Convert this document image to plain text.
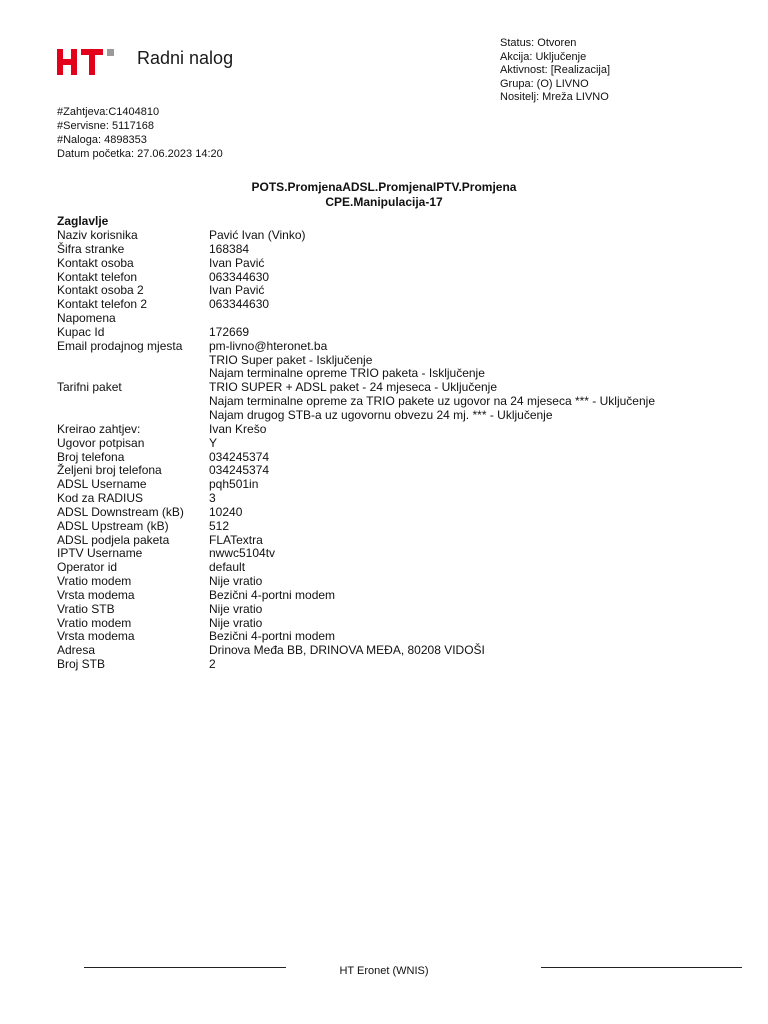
Radni nalog
Status: Otvoren
Akcija: Uključenje
Aktivnost: [Realizacija]
Grupa: (O) LIVNO
Nositelj: Mreža LIVNO
#Zahtjeva:C1404810
#Servisne: 5117168
#Naloga: 4898353
Datum početka: 27.06.2023 14:20
POTS.PromjenaADSL.PromjenaIPTV.Promjena
CPE.Manipulacija-17
Zaglavlje
Naziv korisnika	Pavić Ivan (Vinko)
Šifra stranke	168384
Kontakt osoba	Ivan Pavić
Kontakt telefon	063344630
Kontakt osoba 2	Ivan Pavić
Kontakt telefon 2	063344630
Napomena

Kupac Id	172669
Email prodajnog mjesta	pm-livno@hteronet.ba
TRIO Super paket - Isključenje
Najam terminalne opreme TRIO paketa - Isključenje
Tarifni paket	TRIO SUPER + ADSL paket - 24 mjeseca - Uključenje
Najam terminalne opreme za TRIO pakete uz ugovor na 24 mjeseca *** - Uključenje
Najam drugog STB-a uz ugovornu obvezu 24 mj. *** - Uključenje
Kreirao zahtjev:	Ivan Krešo
Ugovor potpisan	Y
Broj telefona	034245374
Željeni broj telefona	034245374
ADSL Username	pqh501in
Kod za RADIUS	3
ADSL Downstream (kB)	10240
ADSL Upstream (kB)	512
ADSL podjela paketa	FLATextra
IPTV Username	nwwc5104tv
Operator id	default
Vratio modem	Nije vratio
Vrsta modema	Bezični 4-portni modem
Vratio STB	Nije vratio
Vratio modem	Nije vratio
Vrsta modema	Bezični 4-portni modem
Adresa	Drinova Međa BB, DRINOVA MEĐA, 80208 VIDOŠI
Broj STB	2
HT Eronet (WNIS)
